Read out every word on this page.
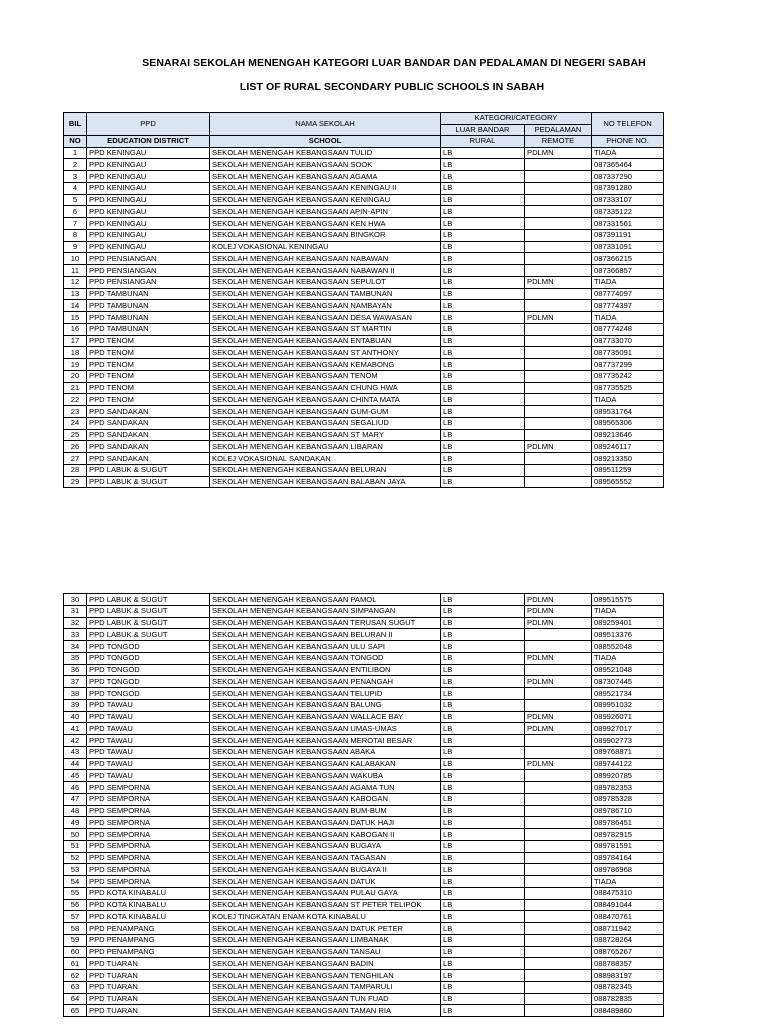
SENARAI SEKOLAH MENENGAH KATEGORI LUAR BANDAR DAN PEDALAMAN DI NEGERI SABAH
LIST OF RURAL SECONDARY PUBLIC SCHOOLS IN SABAH
BIL	PPD	NAMA SEKOLAH	KATEGORI/CATEGORY		NO TELEFON
			LUAR BANDAR	PEDALAMAN	
NO	EDUCATION DISTRICT	SCHOOL	RURAL	REMOTE	PHONE NO.
1	PPD KENINGAU	SEKOLAH MENENGAH KEBANGSAAN TULID	LB	PDLMN	TIADA
2	PPD KENINGAU	SEKOLAH MENENGAH KEBANGSAAN SOOK	LB		087365464
3	PPD KENINGAU	SEKOLAH MENENGAH KEBANGSAAN AGAMA	LB		087337290
4	PPD KENINGAU	SEKOLAH MENENGAH KEBANGSAAN KENINGAU II	LB		087391280
5	PPD KENINGAU	SEKOLAH MENENGAH KEBANGSAAN KENINGAU	LB		087333107
6	PPD KENINGAU	SEKOLAH MENENGAH KEBANGSAAN APIN-APIN	LB		087335122
7	PPD KENINGAU	SEKOLAH MENENGAH KEBANGSAAN KEN HWA	LB		087331561
8	PPD KENINGAU	SEKOLAH MENENGAH KEBANGSAAN BINGKOR	LB		087391191
9	PPD KENINGAU	KOLEJ VOKASIONAL KENINGAU	LB		087331091
10	PPD PENSIANGAN	SEKOLAH MENENGAH KEBANGSAAN NABAWAN	LB		087366215
11	PPD PENSIANGAN	SEKOLAH MENENGAH KEBANGSAAN NABAWAN II	LB		087366857
12	PPD PENSIANGAN	SEKOLAH MENENGAH KEBANGSAAN SEPULOT	LB	PDLMN	TIADA
13	PPD TAMBUNAN	SEKOLAH MENENGAH KEBANGSAAN TAMBUNAN	LB		087774097
14	PPD TAMBUNAN	SEKOLAH MENENGAH KEBANGSAAN NAMBAYAN	LB		087774397
15	PPD TAMBUNAN	SEKOLAH MENENGAH KEBANGSAAN DESA WAWASAN	LB	PDLMN	TIADA
16	PPD TAMBUNAN	SEKOLAH MENENGAH KEBANGSAAN ST MARTIN	LB		087774248
17	PPD TENOM	SEKOLAH MENENGAH KEBANGSAAN ENTABUAN	LB		087733070
18	PPD TENOM	SEKOLAH MENENGAH KEBANGSAAN ST ANTHONY	LB		087735091
19	PPD TENOM	SEKOLAH MENENGAH KEBANGSAAN KEMABONG	LB		087737299
20	PPD TENOM	SEKOLAH MENENGAH KEBANGSAAN TENOM	LB		087735242
21	PPD TENOM	SEKOLAH MENENGAH KEBANGSAAN CHUNG HWA	LB		087735525
22	PPD TENOM	SEKOLAH MENENGAH KEBANGSAAN CHINTA MATA	LB		TIADA
23	PPD SANDAKAN	SEKOLAH MENENGAH KEBANGSAAN GUM-GUM	LB		089531764
24	PPD SANDAKAN	SEKOLAH MENENGAH KEBANGSAAN SEGALIUD	LB		089565306
25	PPD SANDAKAN	SEKOLAH MENENGAH KEBANGSAAN ST MARY	LB		089213646
26	PPD SANDAKAN	SEKOLAH MENENGAH KEBANGSAAN LIBARAN	LB	PDLMN	089246117
27	PPD SANDAKAN	KOLEJ VOKASIONAL SANDAKAN	LB		089213350
28	PPD LABUK & SUGUT	SEKOLAH MENENGAH KEBANGSAAN BELURAN	LB		089511259
29	PPD LABUK & SUGUT	SEKOLAH MENENGAH KEBANGSAAN BALABAN JAYA	LB		089565552
30	PPD LABUK & SUGUT	SEKOLAH MENENGAH KEBANGSAAN PAMOL	LB	PDLMN	089515575
31	PPD LABUK & SUGUT	SEKOLAH MENENGAH KEBANGSAAN SIMPANGAN	LB	PDLMN	TIADA
32	PPD LABUK & SUGUT	SEKOLAH MENENGAH KEBANGSAAN TERUSAN SUGUT	LB	PDLMN	089259401
33	PPD LABUK & SUGUT	SEKOLAH MENENGAH KEBANGSAAN BELURAN II	LB		089513376
34	PPD TONGOD	SEKOLAH MENENGAH KEBANGSAAN ULU SAPI	LB		088552048
35	PPD TONGOD	SEKOLAH MENENGAH KEBANGSAAN TONGOD	LB	PDLMN	TIADA
36	PPD TONGOD	SEKOLAH MENENGAH KEBANGSAAN ENTILIBON	LB		089521048
37	PPD TONGOD	SEKOLAH MENENGAH KEBANGSAAN PENANGAH	LB	PDLMN	087307445
38	PPD TONGOD	SEKOLAH MENENGAH KEBANGSAAN TELUPID	LB		089521734
39	PPD TAWAU	SEKOLAH MENENGAH KEBANGSAAN BALUNG	LB		089951032
40	PPD TAWAU	SEKOLAH MENENGAH KEBANGSAAN WALLACE BAY	LB	PDLMN	089926071
41	PPD TAWAU	SEKOLAH MENENGAH KEBANGSAAN UMAS-UMAS	LB	PDLMN	089927017
42	PPD TAWAU	SEKOLAH MENENGAH KEBANGSAAN MEROTAI BESAR	LB		089902773
43	PPD TAWAU	SEKOLAH MENENGAH KEBANGSAAN ABAKA	LB		089768871
44	PPD TAWAU	SEKOLAH MENENGAH KEBANGSAAN KALABAKAN	LB	PDLMN	089744122
45	PPD TAWAU	SEKOLAH MENENGAH KEBANGSAAN WAKUBA	LB		089920785
46	PPD SEMPORNA	SEKOLAH MENENGAH KEBANGSAAN AGAMA TUN	LB		089782353
47	PPD SEMPORNA	SEKOLAH MENENGAH KEBANGSAAN KABOGAN	LB		089785328
48	PPD SEMPORNA	SEKOLAH MENENGAH KEBANGSAAN BUM-BUM	LB		089786710
49	PPD SEMPORNA	SEKOLAH MENENGAH KEBANGSAAN DATUK HAJI	LB		089786451
50	PPD SEMPORNA	SEKOLAH MENENGAH KEBANGSAAN KABOGAN II	LB		089782915
51	PPD SEMPORNA	SEKOLAH MENENGAH KEBANGSAAN BUGAYA	LB		089781591
52	PPD SEMPORNA	SEKOLAH MENENGAH KEBANGSAAN TAGASAN	LB		089784164
53	PPD SEMPORNA	SEKOLAH MENENGAH KEBANGSAAN BUGAYA II	LB		089786968
54	PPD SEMPORNA	SEKOLAH MENENGAH KEBANGSAAN DATUK	LB		TIADA
55	PPD KOTA KINABALU	SEKOLAH MENENGAH KEBANGSAAN PULAU GAYA	LB		088475310
56	PPD KOTA KINABALU	SEKOLAH MENENGAH KEBANGSAAN ST PETER TELIPOK	LB		088491044
57	PPD KOTA KINABALU	KOLEJ TINGKATAN ENAM KOTA KINABALU	LB		088470761
58	PPD PENAMPANG	SEKOLAH MENENGAH KEBANGSAAN DATUK PETER	LB		088711942
59	PPD PENAMPANG	SEKOLAH MENENGAH KEBANGSAAN LIMBANAK	LB		088728264
60	PPD PENAMPANG	SEKOLAH MENENGAH KEBANGSAAN TANSAU	LB		088765267
61	PPD TUARAN	SEKOLAH MENENGAH KEBANGSAAN BADIN	LB		088788357
62	PPD TUARAN	SEKOLAH MENENGAH KEBANGSAAN TENGHILAN	LB		088983197
63	PPD TUARAN	SEKOLAH MENENGAH KEBANGSAAN TAMPARULI	LB		088782345
64	PPD TUARAN	SEKOLAH MENENGAH KEBANGSAAN TUN FUAD	LB		088782835
65	PPD TUARAN	SEKOLAH MENENGAH KEBANGSAAN TAMAN RIA	LB		088489860
